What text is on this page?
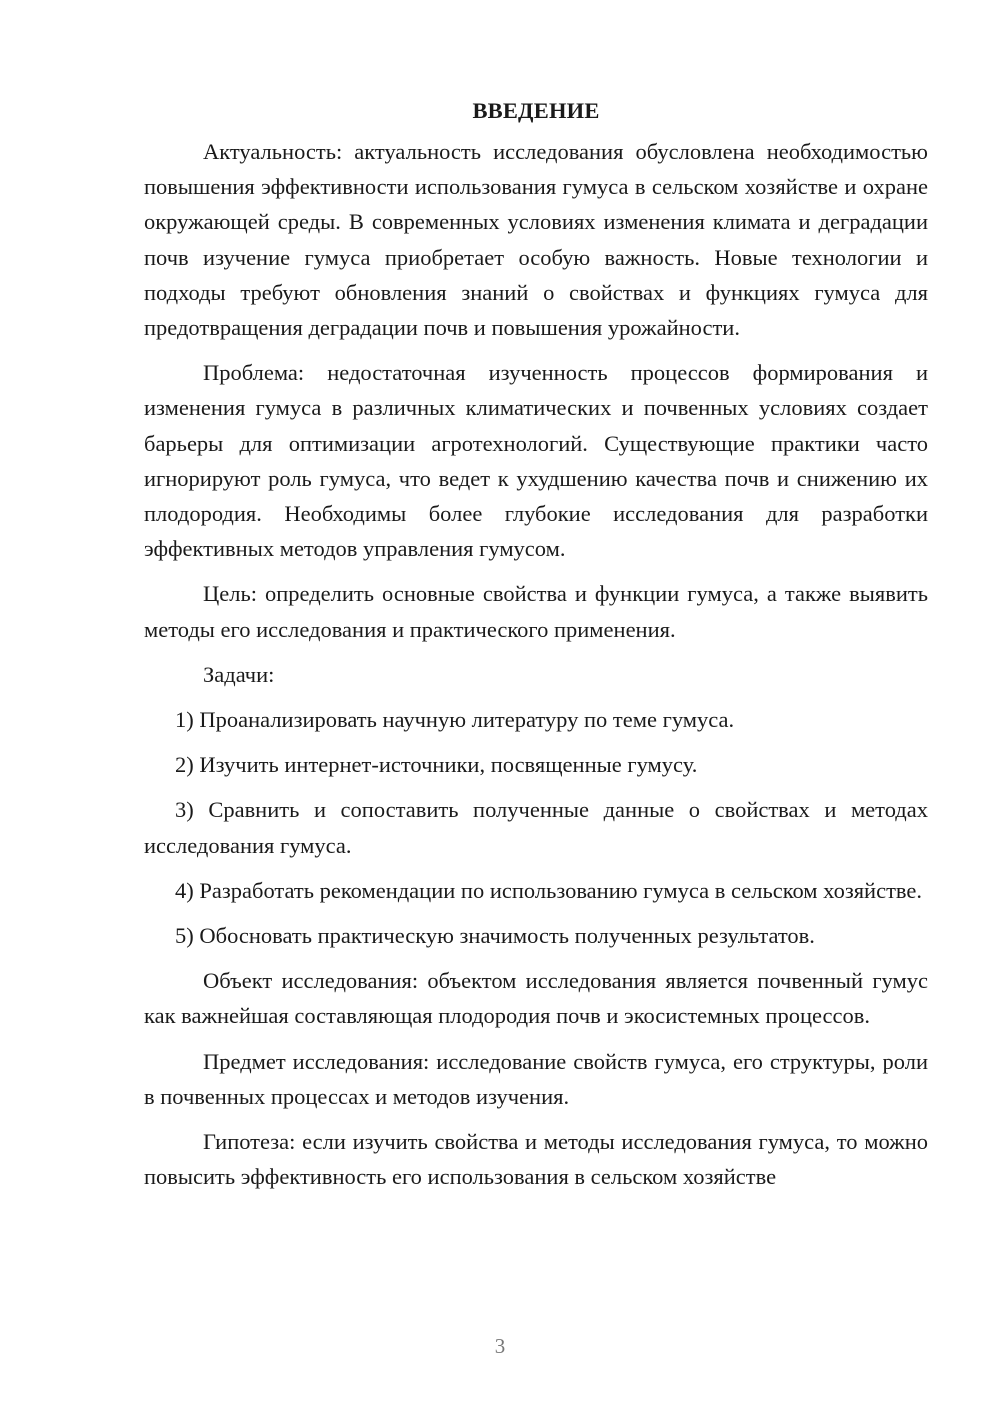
ВВЕДЕНИЕ

Актуальность: актуальность исследования обусловлена необходимостью повышения эффективности использования гумуса в сельском хозяйстве и охране окружающей среды. В современных условиях изменения климата и деградации почв изучение гумуса приобретает особую важность. Новые технологии и подходы требуют обновления знаний о свойствах и функциях гумуса для предотвращения деградации почв и повышения урожайности.

Проблема: недостаточная изученность процессов формирования и изменения гумуса в различных климатических и почвенных условиях создает барьеры для оптимизации агротехнологий. Существующие практики часто игнорируют роль гумуса, что ведет к ухудшению качества почв и снижению их плодородия. Необходимы более глубокие исследования для разработки эффективных методов управления гумусом.

Цель: определить основные свойства и функции гумуса, а также выявить методы его исследования и практического применения.

Задачи:

1) Проанализировать научную литературу по теме гумуса.

2) Изучить интернет-источники, посвященные гумусу.

3) Сравнить и сопоставить полученные данные о свойствах и методах исследования гумуса.

4) Разработать рекомендации по использованию гумуса в сельском хозяйстве.

5) Обосновать практическую значимость полученных результатов.

Объект исследования: объектом исследования является почвенный гумус как важнейшая составляющая плодородия почв и экосистемных процессов.

Предмет исследования: исследование свойств гумуса, его структуры, роли в почвенных процессах и методов изучения.

Гипотеза: если изучить свойства и методы исследования гумуса, то можно повысить эффективность его использования в сельском хозяйстве

3
